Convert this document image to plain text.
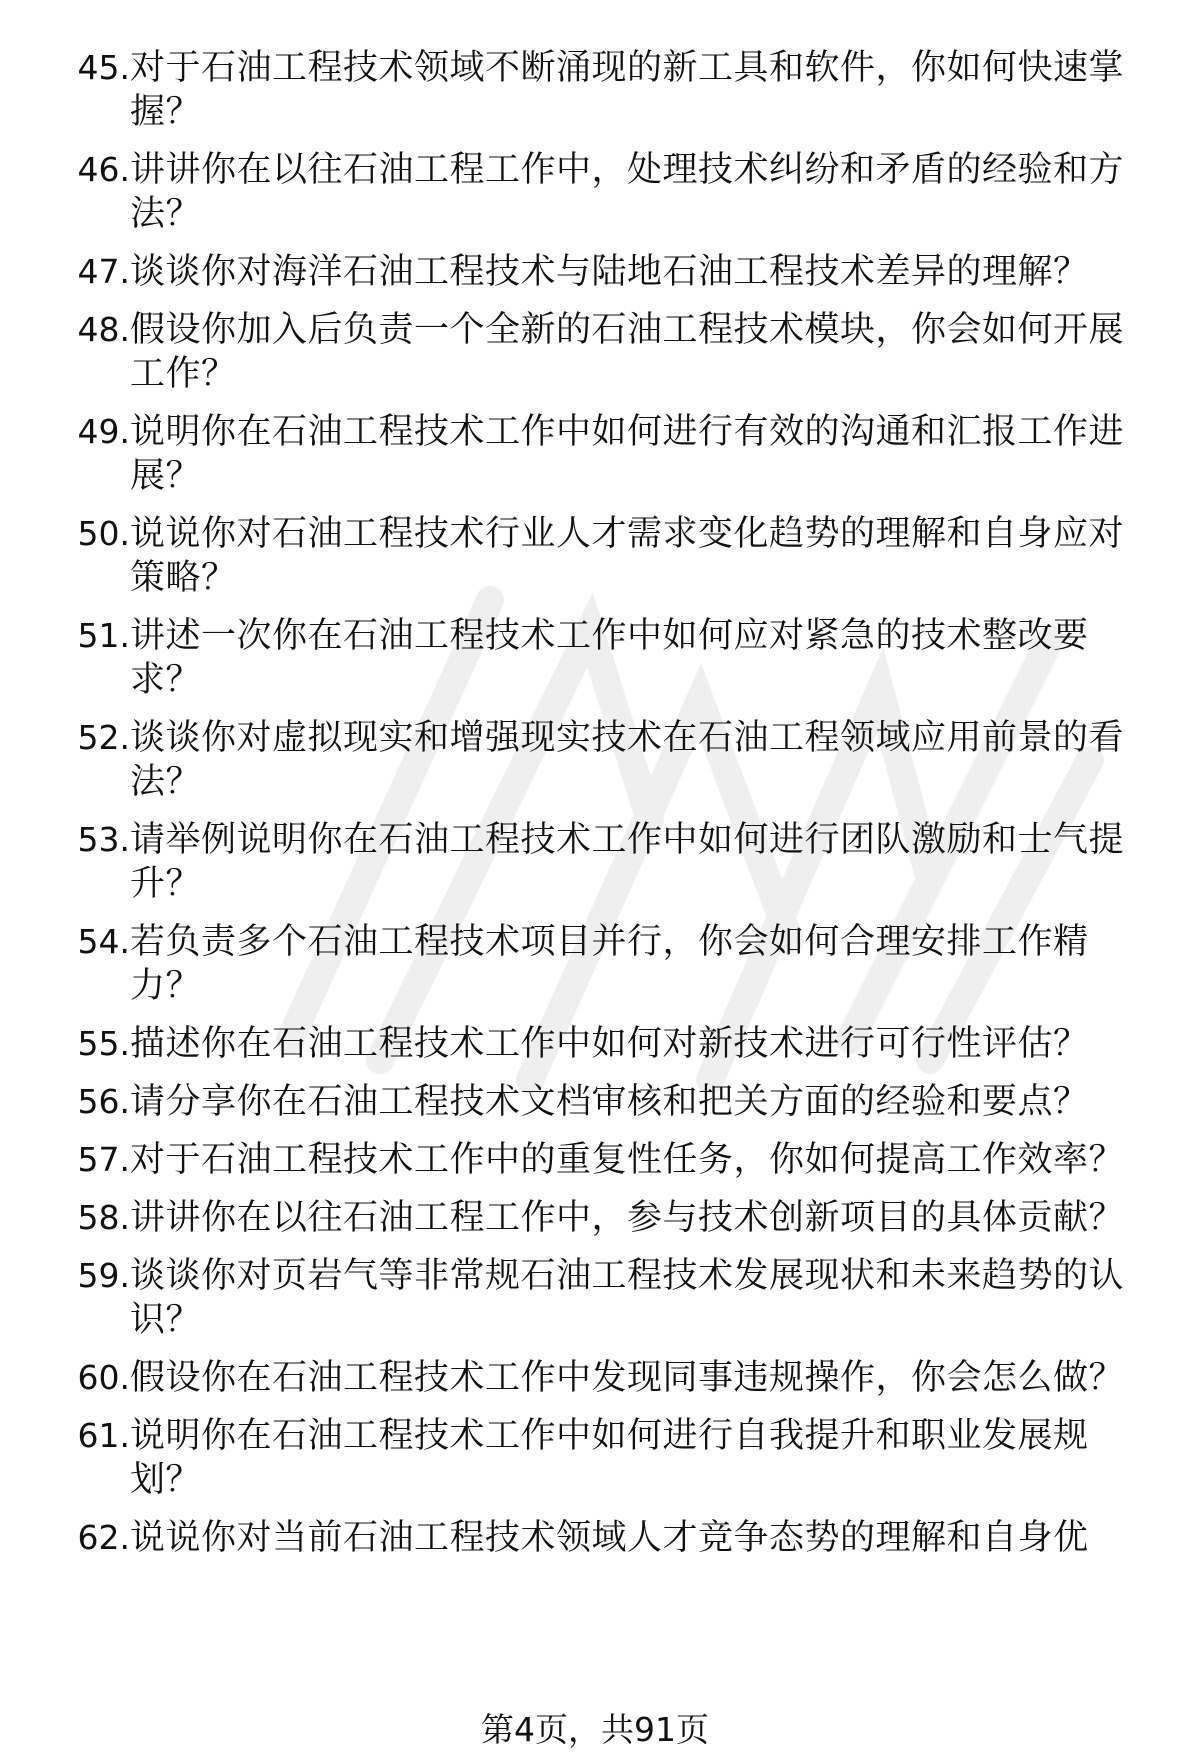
45. 对于石油工程技术领域不断涌现的新工具和软件，你如何快速掌握？
46. 讲讲你在以往石油工程工作中，处理技术纠纷和矛盾的经验和方法？
47. 谈谈你对海洋石油工程技术与陆地石油工程技术差异的理解？
48. 假设你加入后负责一个全新的石油工程技术模块，你会如何开展工作？
49. 说明你在石油工程技术工作中如何进行有效的沟通和汇报工作进展？
50. 说说你对石油工程技术行业人才需求变化趋势的理解和自身应对策略？
51. 讲述一次你在石油工程技术工作中如何应对紧急的技术整改要求？
52. 谈谈你对虚拟现实和增强现实技术在石油工程领域应用前景的看法？
53. 请举例说明你在石油工程技术工作中如何进行团队激励和士气提升？
54. 若负责多个石油工程技术项目并行，你会如何合理安排工作精力？
55. 描述你在石油工程技术工作中如何对新技术进行可行性评估？
56. 请分享你在石油工程技术文档审核和把关方面的经验和要点？
57. 对于石油工程技术工作中的重复性任务，你如何提高工作效率？
58. 讲讲你在以往石油工程工作中，参与技术创新项目的具体贡献？
59. 谈谈你对页岩气等非常规石油工程技术发展现状和未来趋势的认识？
60. 假设你在石油工程技术工作中发现同事违规操作，你会怎么做？
61. 说明你在石油工程技术工作中如何进行自我提升和职业发展规划？
62. 说说你对当前石油工程技术领域人才竞争态势的理解和自身优
第4页，共91页
